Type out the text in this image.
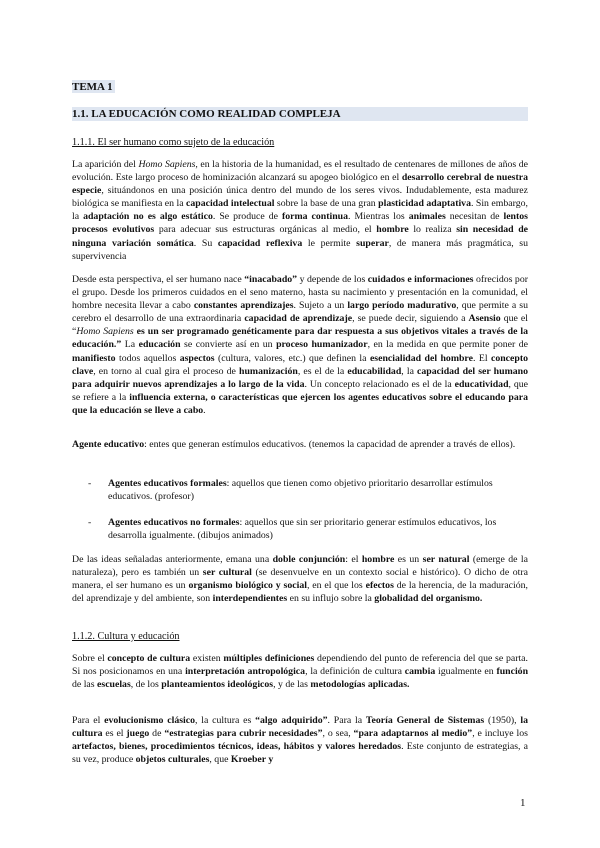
TEMA 1
1.1. LA EDUCACIÓN COMO REALIDAD COMPLEJA
1.1.1. El ser humano como sujeto de la educación

La aparición del Homo Sapiens, en la historia de la humanidad, es el resultado de centenares de millones de años de evolución. Este largo proceso de hominización alcanzará su apogeo biológico en el desarrollo cerebral de nuestra especie, situándonos en una posición única dentro del mundo de los seres vivos. Indudablemente, esta madurez biológica se manifiesta en la capacidad intelectual sobre la base de una gran plasticidad adaptativa. Sin embargo, la adaptación no es algo estático. Se produce de forma continua. Mientras los animales necesitan de lentos procesos evolutivos para adecuar sus estructuras orgánicas al medio, el hombre lo realiza sin necesidad de ninguna variación somática. Su capacidad reflexiva le permite superar, de manera más pragmática, su supervivencia

Desde esta perspectiva, el ser humano nace “inacabado” y depende de los cuidados e informaciones ofrecidos por el grupo. Desde los primeros cuidados en el seno materno, hasta su nacimiento y presentación en la comunidad, el hombre necesita llevar a cabo constantes aprendizajes. Sujeto a un largo período madurativo, que permite a su cerebro el desarrollo de una extraordinaria capacidad de aprendizaje, se puede decir, siguiendo a Asensio que el “Homo Sapiens es un ser programado genéticamente para dar respuesta a sus objetivos vitales a través de la educación.” La educación se convierte así en un proceso humanizador, en la medida en que permite poner de manifiesto todos aquellos aspectos (cultura, valores, etc.) que definen la esencialidad del hombre. El concepto clave, en torno al cual gira el proceso de humanización, es el de la educabilidad, la capacidad del ser humano para adquirir nuevos aprendizajes a lo largo de la vida. Un concepto relacionado es el de la educatividad, que se refiere a la influencia externa, o características que ejercen los agentes educativos sobre el educando para que la educación se lleve a cabo.

Agente educativo: entes que generan estímulos educativos. (tenemos la capacidad de aprender a través de ellos).

- Agentes educativos formales: aquellos que tienen como objetivo prioritario desarrollar estímulos educativos. (profesor)
- Agentes educativos no formales: aquellos que sin ser prioritario generar estímulos educativos, los desarrolla igualmente. (dibujos animados)

De las ideas señaladas anteriormente, emana una doble conjunción: el hombre es un ser natural (emerge de la naturaleza), pero es también un ser cultural (se desenvuelve en un contexto social e histórico). O dicho de otra manera, el ser humano es un organismo biológico y social, en el que los efectos de la herencia, de la maduración, del aprendizaje y del ambiente, son interdependientes en su influjo sobre la globalidad del organismo.

1.1.2. Cultura y educación

Sobre el concepto de cultura existen múltiples definiciones dependiendo del punto de referencia del que se parta. Si nos posicionamos en una interpretación antropológica, la definición de cultura cambia igualmente en función de las escuelas, de los planteamientos ideológicos, y de las metodologías aplicadas.

Para el evolucionismo clásico, la cultura es “algo adquirido”. Para la Teoría General de Sistemas (1950), la cultura es el juego de “estrategias para cubrir necesidades”, o sea, “para adaptarnos al medio”, e incluye los artefactos, bienes, procedimientos técnicos, ideas, hábitos y valores heredados. Este conjunto de estrategias, a su vez, produce objetos culturales, que Kroeber y

1
